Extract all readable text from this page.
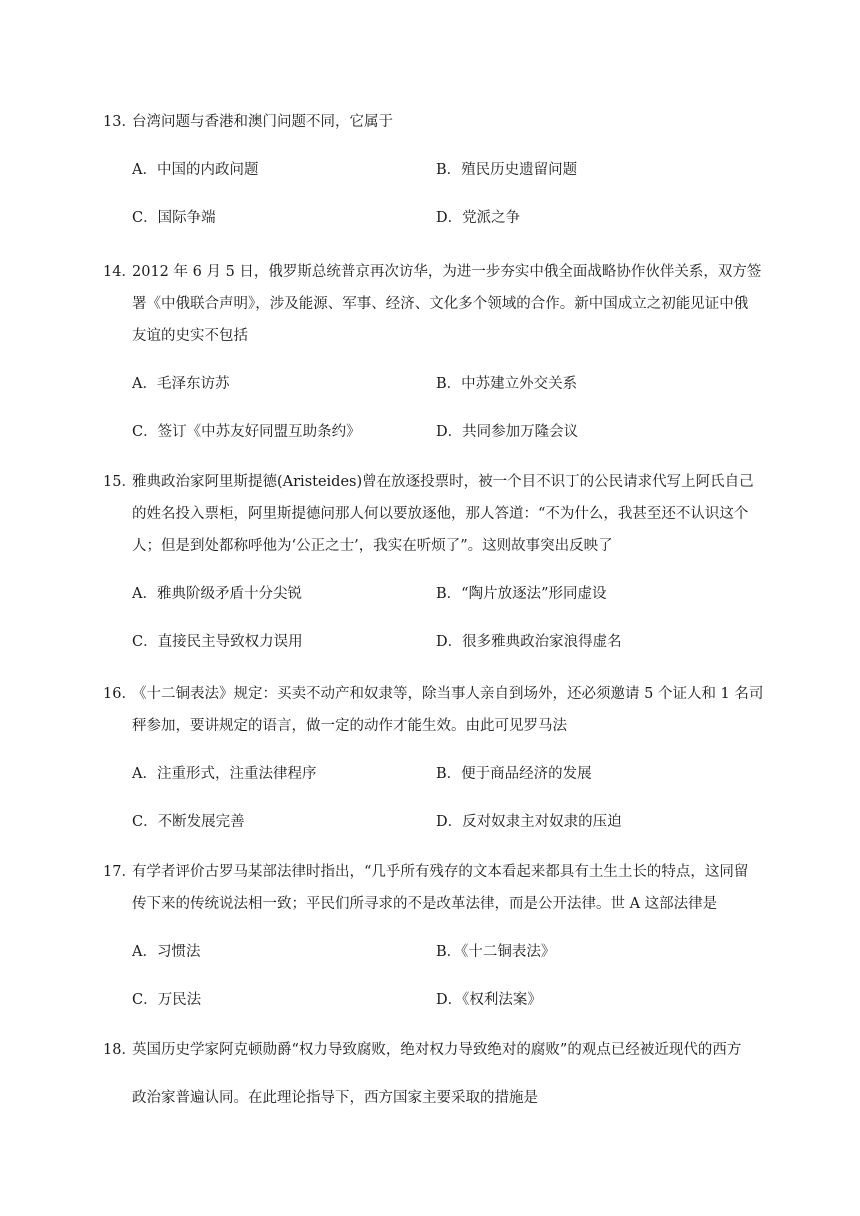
13．
台湾问题与香港和澳门问题不同，它属于
A．中国的内政问题	B．殖民历史遗留问题
C．国际争端	D．党派之争
14．
2012 年 6 月 5 日，俄罗斯总统普京再次访华，为进一步夯实中俄全面战略协作伙伴关系，双方签
署《中俄联合声明》，涉及能源、军事、经济、文化多个领域的合作。新中国成立之初能见证中俄
友谊的史实不包括
A．毛泽东访苏	B．中苏建立外交关系
C．签订《中苏友好同盟互助条约》	D．共同参加万隆会议
15．
雅典政治家阿里斯提德(Aristeides)曾在放逐投票时，被一个目不识丁的公民请求代写上阿氏自己
的姓名投入票柜，阿里斯提德问那人何以要放逐他，那人答道：“不为什么，我甚至还不认识这个
人；但是到处都称呼他为‘公正之士’，我实在听烦了”。这则故事突出反映了
A．雅典阶级矛盾十分尖锐	B．“陶片放逐法”形同虚设
C．直接民主导致权力误用	D．很多雅典政治家浪得虚名
16．
《十二铜表法》规定：买卖不动产和奴隶等，除当事人亲自到场外，还必须邀请 5 个证人和 1 名司
秤参加，要讲规定的语言，做一定的动作才能生效。由此可见罗马法
A．注重形式，注重法律程序	B．便于商品经济的发展
C．不断发展完善	D．反对奴隶主对奴隶的压迫
17．
有学者评价古罗马某部法律时指出，“几乎所有残存的文本看起来都具有土生土长的特点，这同留
传下来的传统说法相一致；平民们所寻求的不是改革法律，而是公开法律。世 A 这部法律是
A．习惯法	B．《十二铜表法》
C．万民法	D．《权利法案》
18．
英国历史学家阿克顿勋爵“权力导致腐败，绝对权力导致绝对的腐败”的观点已经被近现代的西方
政治家普遍认同。在此理论指导下，西方国家主要采取的措施是
